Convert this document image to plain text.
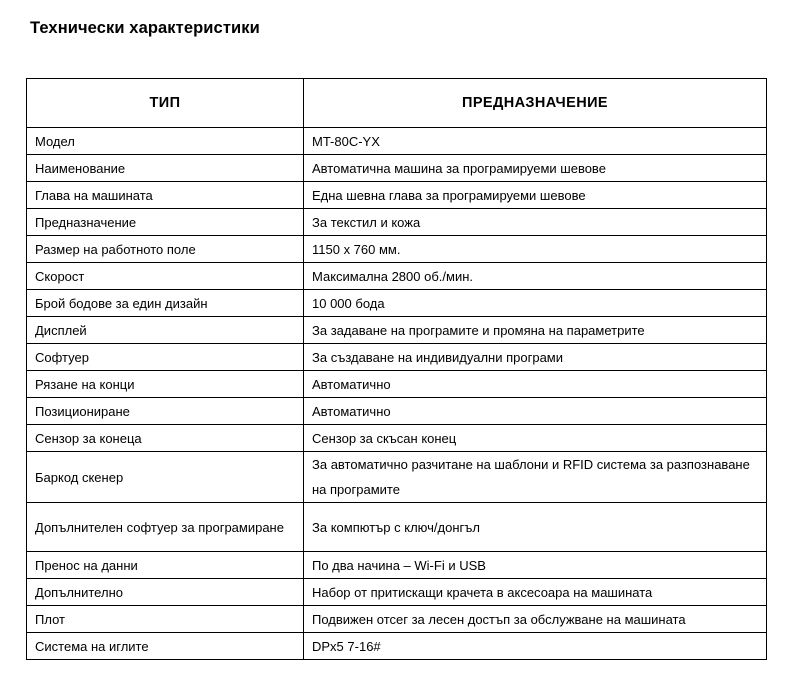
Технически характеристики
ТИП	ПРЕДНАЗНАЧЕНИЕ
Модел	MT-80C-YX
Наименование	Автоматична машина за програмируеми шевове
Глава на машината	Една шевна глава за програмируеми шевове
Предназначение	За текстил и кожа
Размер на работното поле	1150 x 760 мм.
Скорост	Максимална 2800 об./мин.
Брой бодове за един дизайн	10 000 бода
Дисплей	За задаване на програмите и промяна на параметрите
Софтуер	За създаване на индивидуални програми
Рязане на конци	Автоматично
Позициониране	Автоматично
Сензор за конеца	Сензор за скъсан конец
Баркод скенер	За автоматично разчитане на шаблони и RFID система за разпознаване на програмите
Допълнителен софтуер за програмиране	За компютър с ключ/донгъл
Пренос на данни	По два начина – Wi-Fi и USB
Допълнително	Набор от притискащи крачета в аксесоара на машината
Плот	Подвижен отсег за лесен достъп за обслужване на машината
Система на иглите	DPx5 7-16#
